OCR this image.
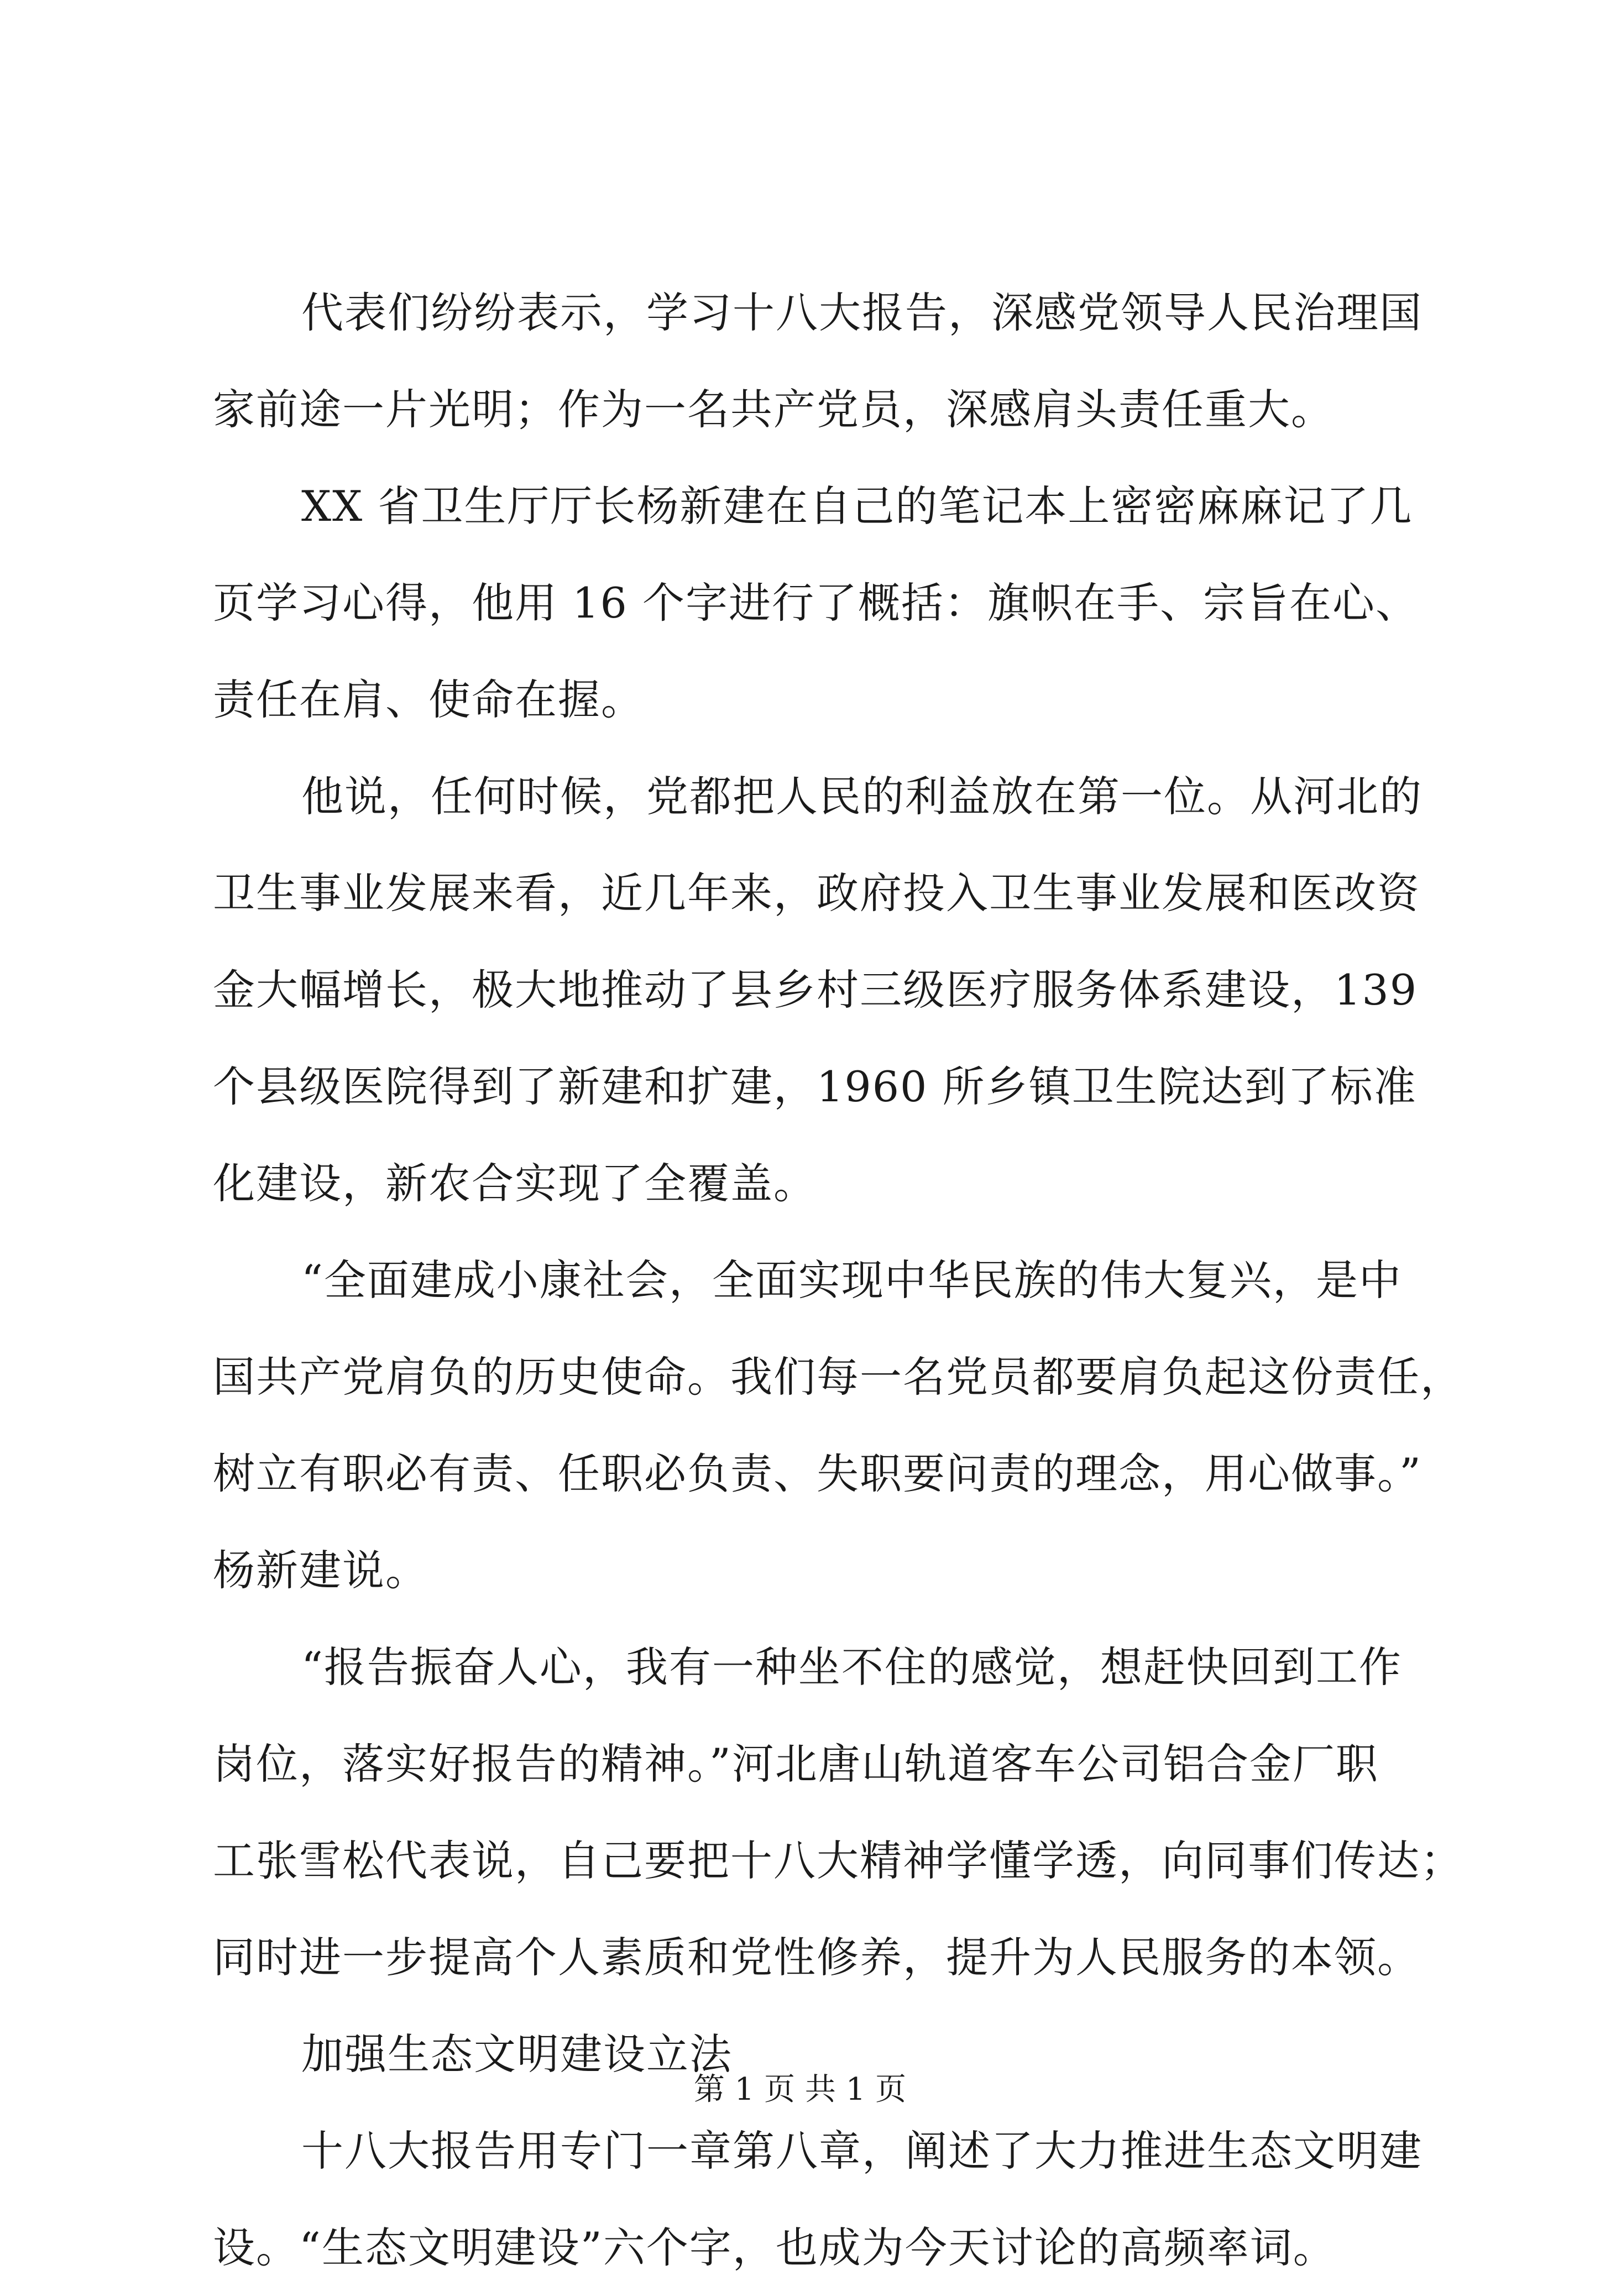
代表们纷纷表示，学习十八大报告，深感党领导人民治理国
家前途一片光明；作为一名共产党员，深感肩头责任重大。
XX 省卫生厅厅长杨新建在自己的笔记本上密密麻麻记了几
页学习心得，他用 16 个字进行了概括：旗帜在手、宗旨在心、
责任在肩、使命在握。
他说，任何时候，党都把人民的利益放在第一位。从河北的
卫生事业发展来看，近几年来，政府投入卫生事业发展和医改资
金大幅增长，极大地推动了县乡村三级医疗服务体系建设，139
个县级医院得到了新建和扩建，1960 所乡镇卫生院达到了标准
化建设，新农合实现了全覆盖。
“全面建成小康社会，全面实现中华民族的伟大复兴，是中
国共产党肩负的历史使命。我们每一名党员都要肩负起这份责任，
树立有职必有责、任职必负责、失职要问责的理念，用心做事。”
杨新建说。
“报告振奋人心，我有一种坐不住的感觉，想赶快回到工作
岗位，落实好报告的精神。”河北唐山轨道客车公司铝合金厂职
工张雪松代表说，自己要把十八大精神学懂学透，向同事们传达；
同时进一步提高个人素质和党性修养，提升为人民服务的本领。
加强生态文明建设立法
十八大报告用专门一章第八章，阐述了大力推进生态文明建
设。“生态文明建设”六个字，也成为今天讨论的高频率词。
第 1 页 共 1 页
